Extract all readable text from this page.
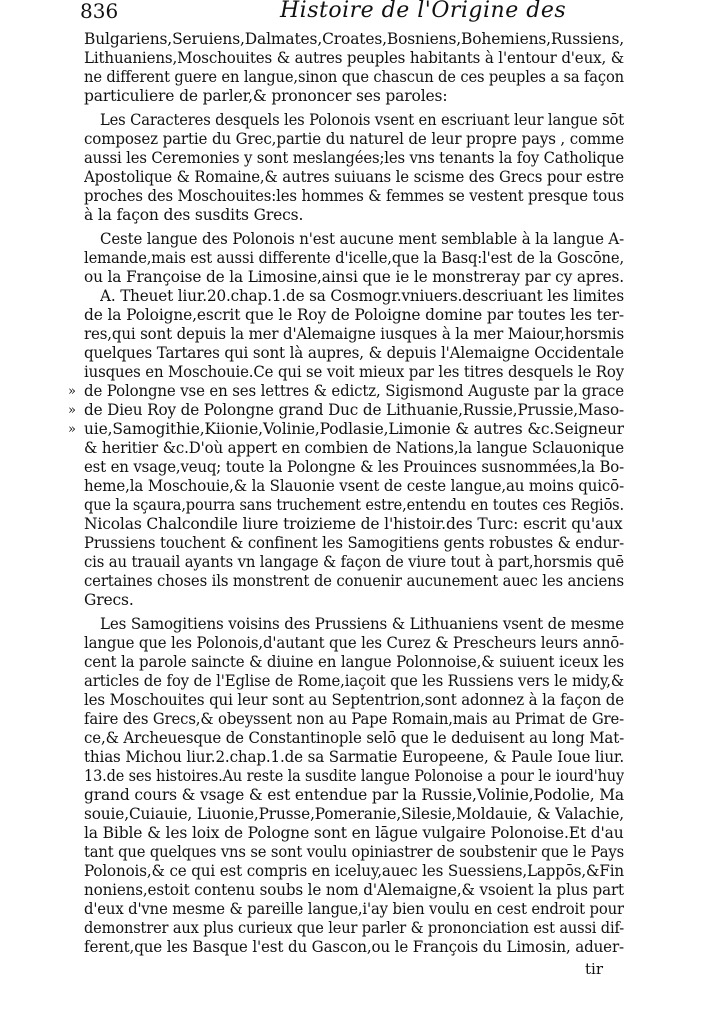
836	Histoire de l'Origine des
»
»
»
Bulgariens,Seruiens,Dalmates,Croates,Bosniens,Bohemiens,Russiens,
Lithuaniens,Moschouites & autres peuples habitants à l'entour d'eux, &
ne different guere en langue,sinon que chascun de ces peuples a sa façon
particuliere de parler,& prononcer ses paroles:
Les Caracteres desquels les Polonois vsent en escriuant leur langue sōt
composez partie du Grec,partie du naturel de leur propre pays , comme
aussi les Ceremonies y sont meslangées;les vns tenants la foy Catholique
Apostolique & Romaine,& autres suiuans le scisme des Grecs pour estre
proches des Moschouites:les hommes & femmes se vestent presque tous
à la façon des susdits Grecs.
Ceste langue des Polonois n'est aucune ment semblable à la langue A-
lemande,mais est aussi differente d'icelle,que la Basq:l'est de la Goscōne,
ou la Françoise de la Limosine,ainsi que ie le monstreray par cy apres.
A. Theuet liur.20.chap.1.de sa Cosmogr.vniuers.descriuant les limites
de la Poloigne,escrit que le Roy de Poloigne domine par toutes les ter-
res,qui sont depuis la mer d'Alemaigne iusques à la mer Maiour,horsmis
quelques Tartares qui sont là aupres, & depuis l'Alemaigne Occidentale
iusques en Moschouie.Ce qui se voit mieux par les titres desquels le Roy
de Polongne vse en ses lettres & edictz, Sigismond Auguste par la grace
de Dieu Roy de Polongne grand Duc de Lithuanie,Russie,Prussie,Maso-
uie,Samogithie,Kiionie,Volinie,Podlasie,Limonie & autres &c.Seigneur
& heritier &c.D'où appert en combien de Nations,la langue Sclauonique
est en vsage,veuq; toute la Polongne & les Prouinces susnommées,la Bo-
heme,la Moschouie,& la Slauonie vsent de ceste langue,au moins quicō-
que la sçaura,pourra sans truchement estre,entendu en toutes ces Regiōs.
Nicolas Chalcondile liure troizieme de l'histoir.des Turc: escrit qu'aux
Prussiens touchent & confinent les Samogitiens gents robustes & endur-
cis au trauail ayants vn langage & façon de viure tout à part,horsmis quē
certaines choses ils monstrent de conuenir aucunement auec les anciens
Grecs.
Les Samogitiens voisins des Prussiens & Lithuaniens vsent de mesme
langue que les Polonois,d'autant que les Curez & Prescheurs leurs annō-
cent la parole saincte & diuine en langue Polonnoise,& suiuent iceux les
articles de foy de l'Eglise de Rome,iaçoit que les Russiens vers le midy,&
les Moschouites qui leur sont au Septentrion,sont adonnez à la façon de
faire des Grecs,& obeyssent non au Pape Romain,mais au Primat de Gre-
ce,& Archeuesque de Constantinople selō que le deduisent au long Mat-
thias Michou liur.2.chap.1.de sa Sarmatie Europeene, & Paule Ioue liur.
13.de ses histoires.Au reste la susdite langue Polonoise a pour le iourd'huy
grand cours & vsage & est entendue par la Russie,Volinie,Podolie, Ma
souie,Cuiauie, Liuonie,Prusse,Pomeranie,Silesie,Moldauie, & Valachie,
la Bible & les loix de Pologne sont en lāgue vulgaire Polonoise.Et d'au
tant que quelques vns se sont voulu opiniastrer de soubstenir que le Pays
Polonois,& ce qui est compris en iceluy,auec les Suessiens,Lappōs,&Fin
noniens,estoit contenu soubs le nom d'Alemaigne,& vsoient la plus part
d'eux d'vne mesme & pareille langue,i'ay bien voulu en cest endroit pour
demonstrer aux plus curieux que leur parler & prononciation est aussi dif-
ferent,que les Basque l'est du Gascon,ou le François du Limosin, aduer-
tir
